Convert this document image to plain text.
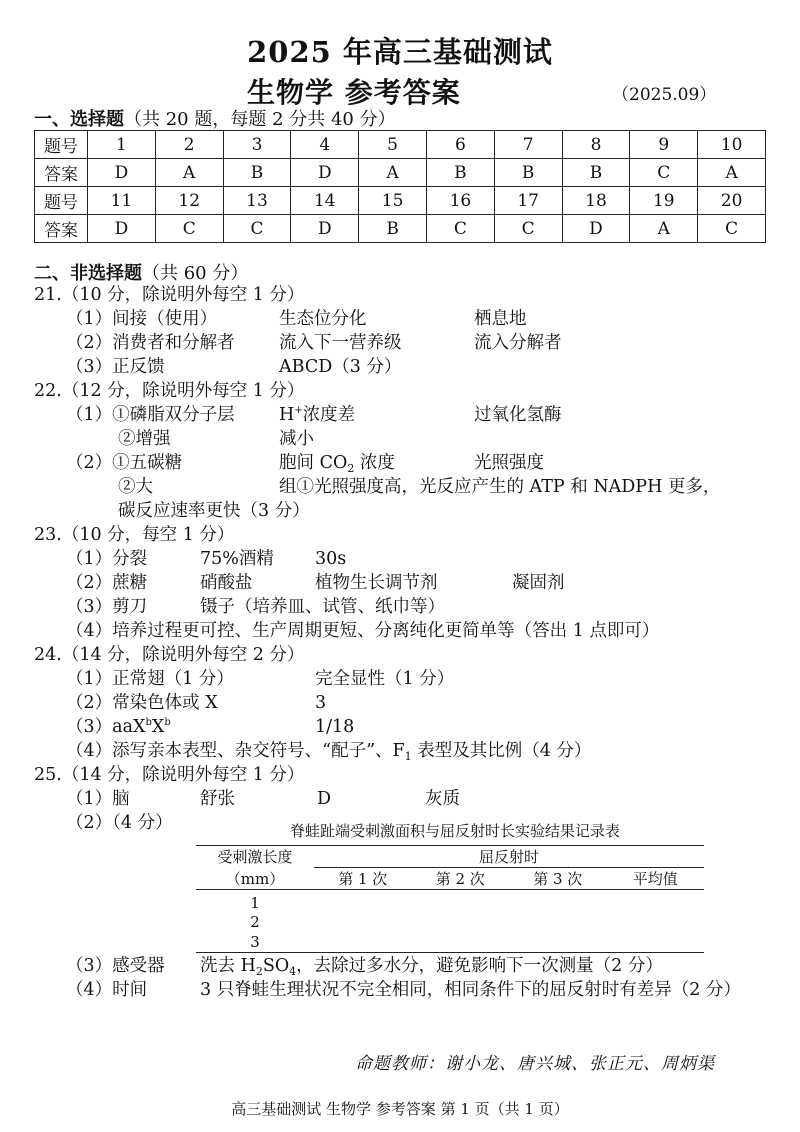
2025 年高三基础测试
生物学 参考答案	（2025.09）
一、选择题（共 20 题，每题 2 分共 40 分）
题号	1	2	3	4	5	6	7	8	9	10
答案	D	A	B	D	A	B	B	B	C	A
题号	11	12	13	14	15	16	17	18	19	20
答案	D	C	C	D	B	C	C	D	A	C
二、非选择题（共 60 分）
21.（10 分，除说明外每空 1 分）
（1）间接（使用）	生态位分化	栖息地
（2）消费者和分解者	流入下一营养级	流入分解者
（3）正反馈	ABCD（3 分）
22.（12 分，除说明外每空 1 分）
（1）①磷脂双分子层	H+浓度差	过氧化氢酶
②增强	减小
（2）①五碳糖	胞间 $CO_2$ 浓度	光照强度
②大	组①光照强度高，光反应产生的 ATP 和 NADPH 更多，
碳反应速率更快（3 分）
23.（10 分，每空 1 分）
（1）分裂	75%酒精 30s
（2）蔗糖	硝酸盐	植物生长调节剂	凝固剂
（3）剪刀	镊子（培养皿、试管、纸巾等）
（4）培养过程更可控、生产周期更短、分离纯化更简单等（答出 1 点即可）
24.（14 分，除说明外每空 2 分）
（1）正常翅（1 分）	完全显性（1 分）
（2）常染色体或 X	3
$(3)aaX^bX^b$	1/18
（4）添写亲本表型、杂交符号、“配子”、$F_1$ 表型及其比例（4 分）
25.（14 分，除说明外每空 1 分）
（1）脑	舒张	D	灰质
（2）（4 分）	脊蛙趾端受刺激面积与屈反射时长实验结果记录表
受刺激长度	屈反射时			
（mm）	第 1 次	第 2 次	第 3 次	平均值
1				
2				
3				
（3）感受器 洗去 $H_2SO_4$，去除过多水分，避免影响下一次测量（2 分）
（4）时间	3 只脊蛙生理状况不完全相同，相同条件下的屈反射时有差异（2 分）
命题教师：谢小龙、唐兴城、张正元、周炳渠
高三基础测试 生物学 参考答案 第 1 页（共 1 页）
